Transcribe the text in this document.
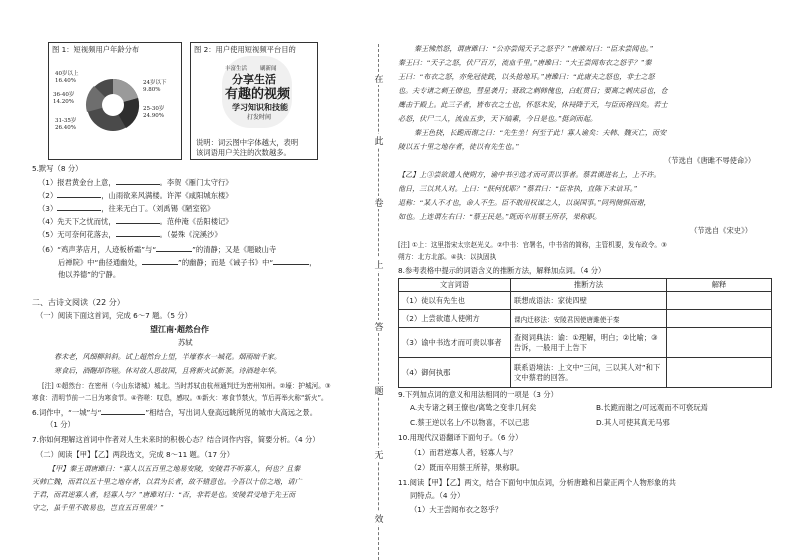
图 1：短视频用户年龄分布
40岁以上
16.40%
36-40岁
14.20%
31-35岁
26.40%
24岁以下
9.80%
25-30岁
24.90%
图 2：用户使用短视频平台目的
分享生活
有趣的视频
学习知识和技能
打发时间
丰富生活 刷新闻
说明：词云图中字体越大，表明
该词语用户关注的次数越多。
5.默写（8 分）
（1）报君黄金台上意，	。李贺《雁门太守行》
（2）	，山雨欲来风满楼。许浑《咸阳城东楼》
（3）	，往来无白丁。（刘禹锡《陋室铭》
（4）先天下之忧而忧，	。范仲淹《岳阳楼记》
（5）无可奈何花落去，	。（晏殊《浣溪沙》
（6）“鸡声茅店月，人迹板桥霜”与“	”的清静；又是《题破山寺
后禅院》中“曲径通幽处，	”的幽静；而是《诫子书》中“	，
他以养德”的宁静。
二、古诗文阅读（22 分）
（一）阅读下面这首词，完成 6～7 题。（5 分）
望江南·超然台作
苏轼
春未老，风细柳斜斜。试上超然台上望，半壕春水一城花。烟雨暗千家。
寒食后，酒醒却咨嗟。休对故人思故国，且将新火试新茶。诗酒趁年华。
[注] ①超然台：在密州（今山东诸城）城北。当时苏轼由杭州通判迁为密州知州。②壕：护城河。③
寒食：清明节前一二日为寒食节。④咨嗟：叹息，感叹。⑤新火：寒食节禁火，节后再举火称“新火”。
6.词作中，“一城”与“	”相结合，写出词人登高远眺所见的城市大高远之景。
（1 分）
7.你如何理解这首词中作者对人生未来时的积极心态？结合词作内容，简要分析。（4 分）
（二）阅读【甲】【乙】两段选文，完成 8～11 题。（17 分）
【甲】秦王谓唐雎曰：“寡人以五百里之地易安陵，安陵君不听寡人，何也？且秦
灭韩亡魏，而君以五十里之地存者，以君为长者，故不错意也。今吾以十倍之地，请广
于君，而君逆寡人者，轻寡人与？”唐雎对曰：“否，非若是也。安陵君受地于先王而
守之，虽千里不敢易也，岂直五百里哉？”
在
此
卷
上
答
题
无
效
秦王怫然怒，谓唐雎曰：“公亦尝闻天子之怒乎？”唐雎对曰：“臣未尝闻也。”
秦王曰：“天子之怒，伏尸百万，流血千里。”唐雎曰：“大王尝闻布衣之怒乎？”秦
王曰：“布衣之怒，亦免冠徒跣，以头抢地耳。”唐雎曰：“此庸夫之怒也，非士之怒
也。夫专诸之刺王僚也，彗星袭月；聂政之刺韩傀也，白虹贯日；要离之刺庆忌也，仓
鹰击于殿上。此三子者，皆布衣之士也，怀怒未发，休祲降于天，与臣而将四矣。若士
必怒，伏尸二人，流血五步，天下缟素，今日是也。”挺剑而起。
秦王色挠，长跪而谢之曰：“先生坐！何至于此！寡人谕矣：夫韩、魏灭亡，而安
陵以五十里之地存者，徒以有先生也。”
（节选自《唐雎不辱使命》）
【乙】上③尝欲遣人使朔方，谕中书④选才而可责以事者。蔡君谟进名上，上不许。
他日，三以其人对。上曰：“朕何忧耶？”蔡君曰：“臣非执，直陈下未谙耳。”
退称：“某人不才也，命人不生。臣不敢用权谋之人，以误国事。”同列侧惧而谢，
如也。上连谓左右曰：“蔡王民是。”既而卒用蔡王所荐，果称职。
（节选自《宋史》）
[注] ①上：这里指宋太宗赵光义。②中书：官署名，中书省的简称，主管机要，发布政令。③
朔方：北方北部。④执：以执固执
8.参考表格中提示的词语含义的推断方法，解释加点词。（4 分）
文言词语	推断方法	解释
（1）徒以有先生也	联想成语法：家徒四壁	
（2）上尝欲遣人使朔方	课内迁移法：安陵君因使唐雎使于秦	
（3）谕中书选才而可责以事者	查阅词典法：谕：①理解，明白；②比喻；③告诉，一般用于上告下	
（4）御何执那	联系语境法：上文中“三问，三以其人对”和下文中蔡君的回答。	
9.下列加点词的意义和用法相同的一项是（3 分）
A.夫专诸之刺王僚也/离鸷之变非几何矣	B.长跪而谢之/可远观而不可亵玩焉
C.蔡王逆以名上/不以物喜，不以己悲	D.其人可使其真无马邪
10.用现代汉语翻译下面句子。（6 分）
（1）而君逆寡人者，轻寡人与？
（2）既而卒用蔡王所荐，果称职。
11.阅读【甲】【乙】两文，结合下面句中加点词，分析唐雎和吕蒙正两个人物形象的共
同特点。（4 分）
（1）大王尝闻布衣之怒乎？
